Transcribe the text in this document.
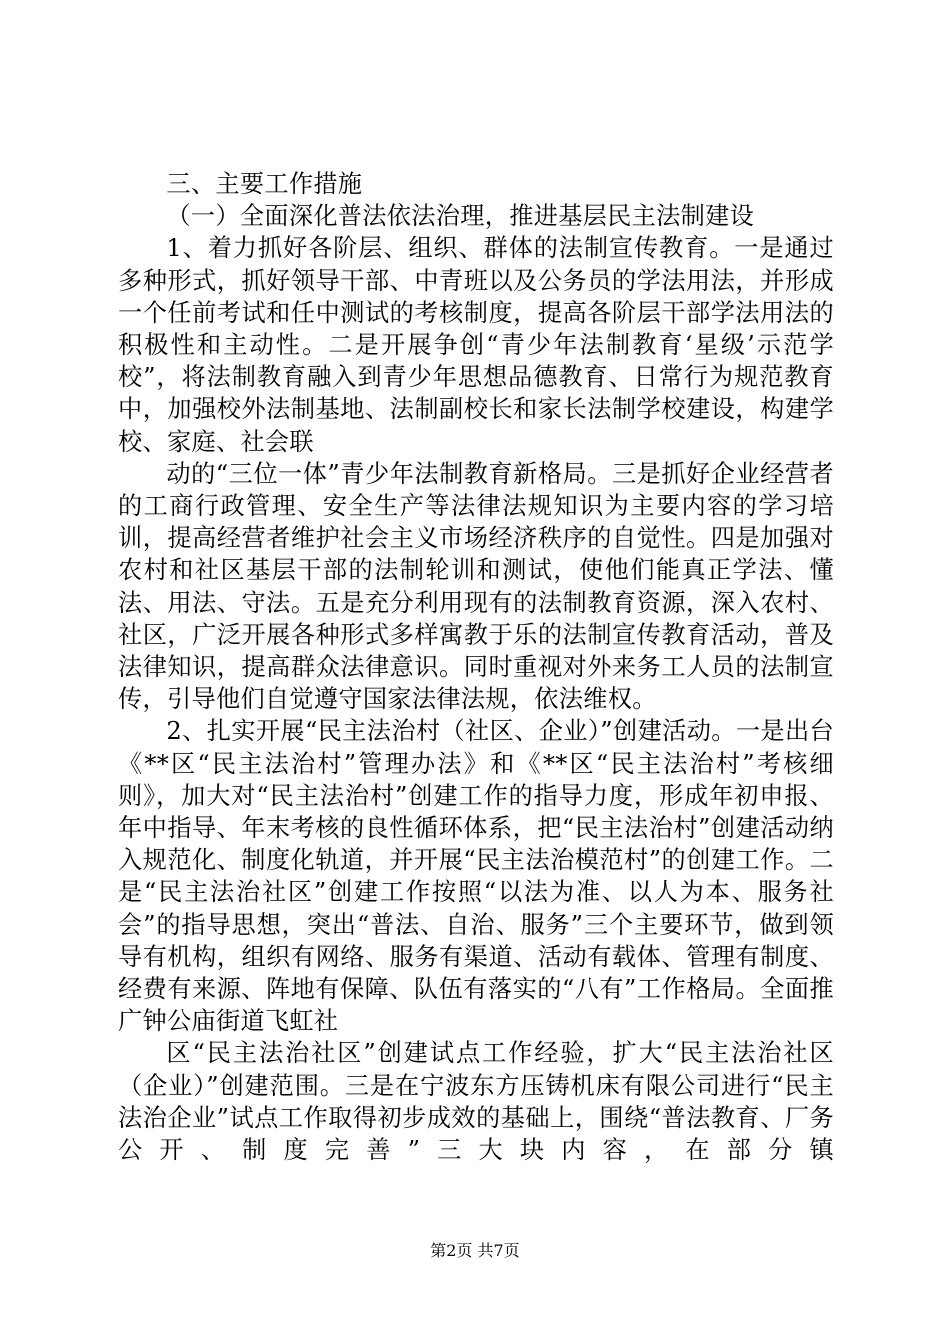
三、主要工作措施

（一）全面深化普法依法治理，推进基层民主法制建设

1、着力抓好各阶层、组织、群体的法制宣传教育。一是通过多种形式，抓好领导干部、中青班以及公务员的学法用法，并形成一个任前考试和任中测试的考核制度，提高各阶层干部学法用法的积极性和主动性。二是开展争创“青少年法制教育‘星级’示范学校”，将法制教育融入到青少年思想品德教育、日常行为规范教育中，加强校外法制基地、法制副校长和家长法制学校建设，构建学校、家庭、社会联

动的“三位一体”青少年法制教育新格局。三是抓好企业经营者的工商行政管理、安全生产等法律法规知识为主要内容的学习培训，提高经营者维护社会主义市场经济秩序的自觉性。四是加强对农村和社区基层干部的法制轮训和测试，使他们能真正学法、懂法、用法、守法。五是充分利用现有的法制教育资源，深入农村、社区，广泛开展各种形式多样寓教于乐的法制宣传教育活动，普及法律知识，提高群众法律意识。同时重视对外来务工人员的法制宣传，引导他们自觉遵守国家法律法规，依法维权。

2、扎实开展“民主法治村（社区、企业）”创建活动。一是出台《**区“民主法治村”管理办法》和《**区“民主法治村”考核细则》，加大对“民主法治村”创建工作的指导力度，形成年初申报、年中指导、年末考核的良性循环体系，把“民主法治村”创建活动纳入规范化、制度化轨道，并开展“民主法治模范村”的创建工作。二是“民主法治社区”创建工作按照“以法为准、以人为本、服务社会”的指导思想，突出“普法、自治、服务”三个主要环节，做到领导有机构，组织有网络、服务有渠道、活动有载体、管理有制度、经费有来源、阵地有保障、队伍有落实的“八有”工作格局。全面推广钟公庙街道飞虹社

区“民主法治社区”创建试点工作经验，扩大“民主法治社区（企业）”创建范围。三是在宁波东方压铸机床有限公司进行“民主法治企业”试点工作取得初步成效的基础上，围绕“普法教育、厂务公开、制度完善”三大块内容，在部分镇

第2页 共7页
